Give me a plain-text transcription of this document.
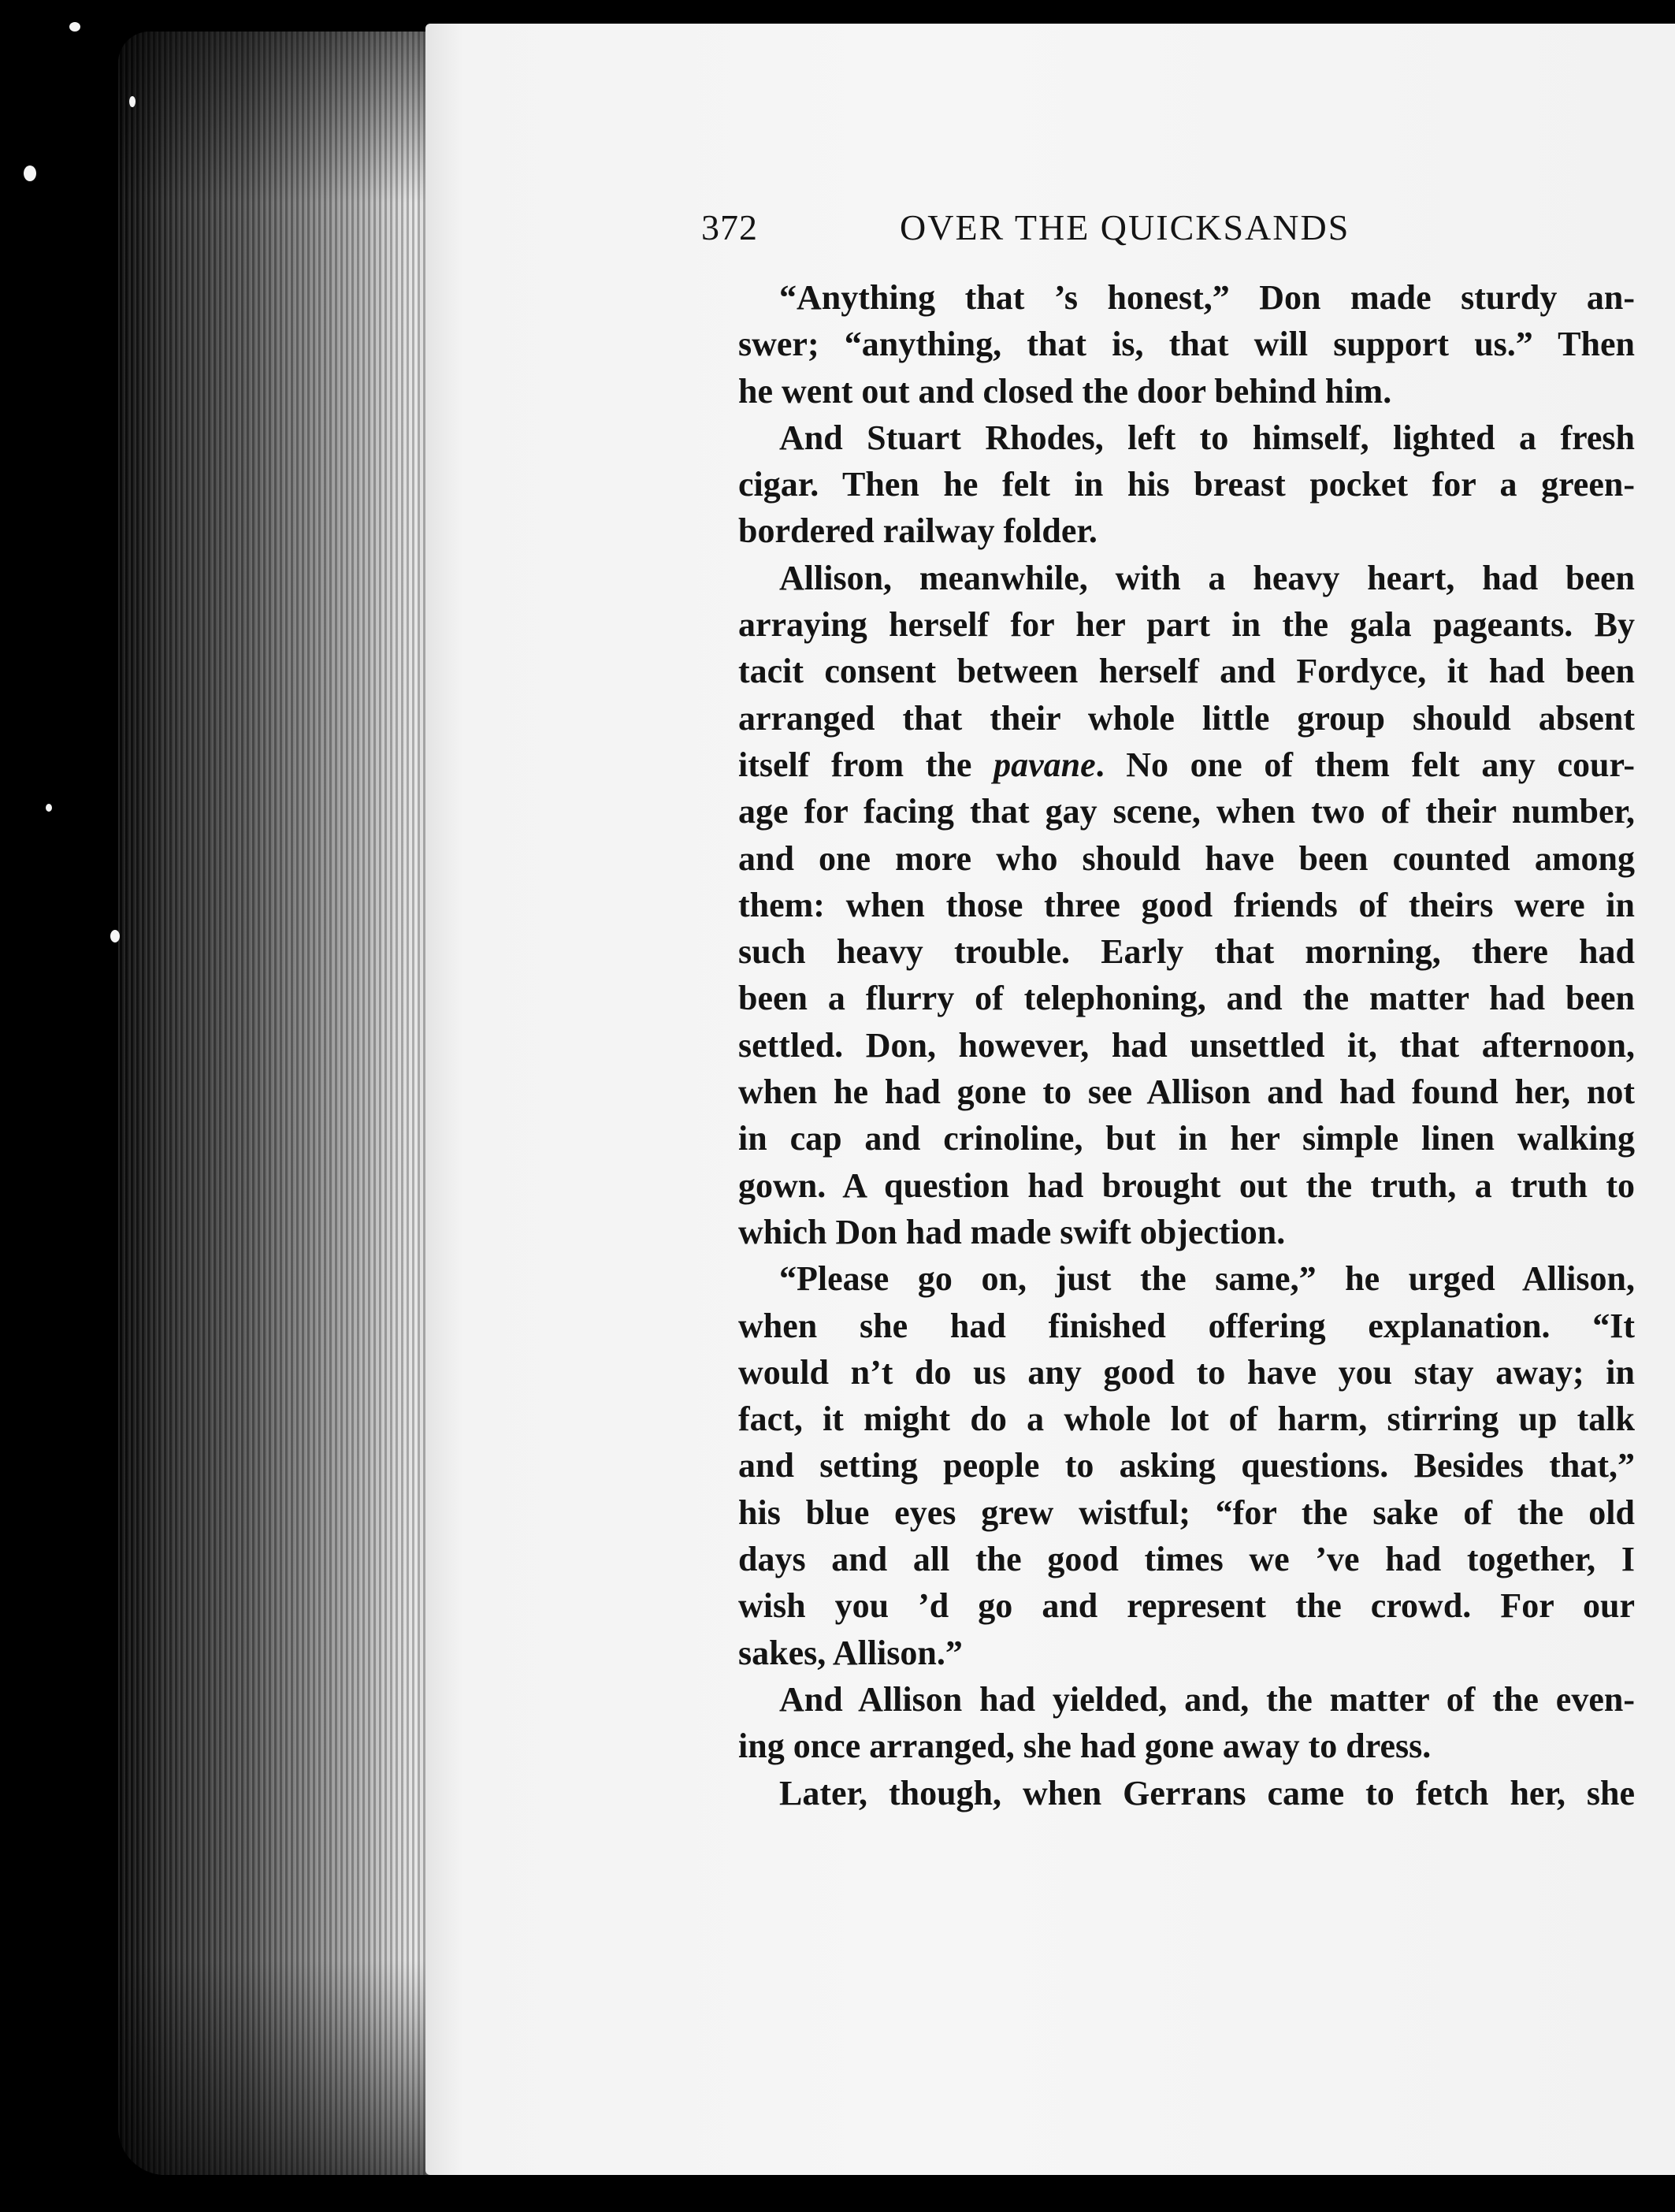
372	OVER THE QUICKSANDS

“Anything that ’s honest,” Don made sturdy an-
swer; “anything, that is, that will support us.” Then
he went out and closed the door behind him.

And Stuart Rhodes, left to himself, lighted a fresh
cigar. Then he felt in his breast pocket for a green-
bordered railway folder.

Allison, meanwhile, with a heavy heart, had been
arraying herself for her part in the gala pageants. By
tacit consent between herself and Fordyce, it had been
arranged that their whole little group should absent
itself from the pavane. No one of them felt any cour-
age for facing that gay scene, when two of their number,
and one more who should have been counted among
them: when those three good friends of theirs were in
such heavy trouble. Early that morning, there had
been a flurry of telephoning, and the matter had been
settled. Don, however, had unsettled it, that afternoon,
when he had gone to see Allison and had found her, not
in cap and crinoline, but in her simple linen walking
gown. A question had brought out the truth, a truth to
which Don had made swift objection.

“Please go on, just the same,” he urged Allison,
when she had finished offering explanation. “It
would n’t do us any good to have you stay away; in
fact, it might do a whole lot of harm, stirring up talk
and setting people to asking questions. Besides that,”
his blue eyes grew wistful; “for the sake of the old
days and all the good times we ’ve had together, I
wish you ’d go and represent the crowd. For our
sakes, Allison.”

And Allison had yielded, and, the matter of the even-
ing once arranged, she had gone away to dress.

Later, though, when Gerrans came to fetch her, she
